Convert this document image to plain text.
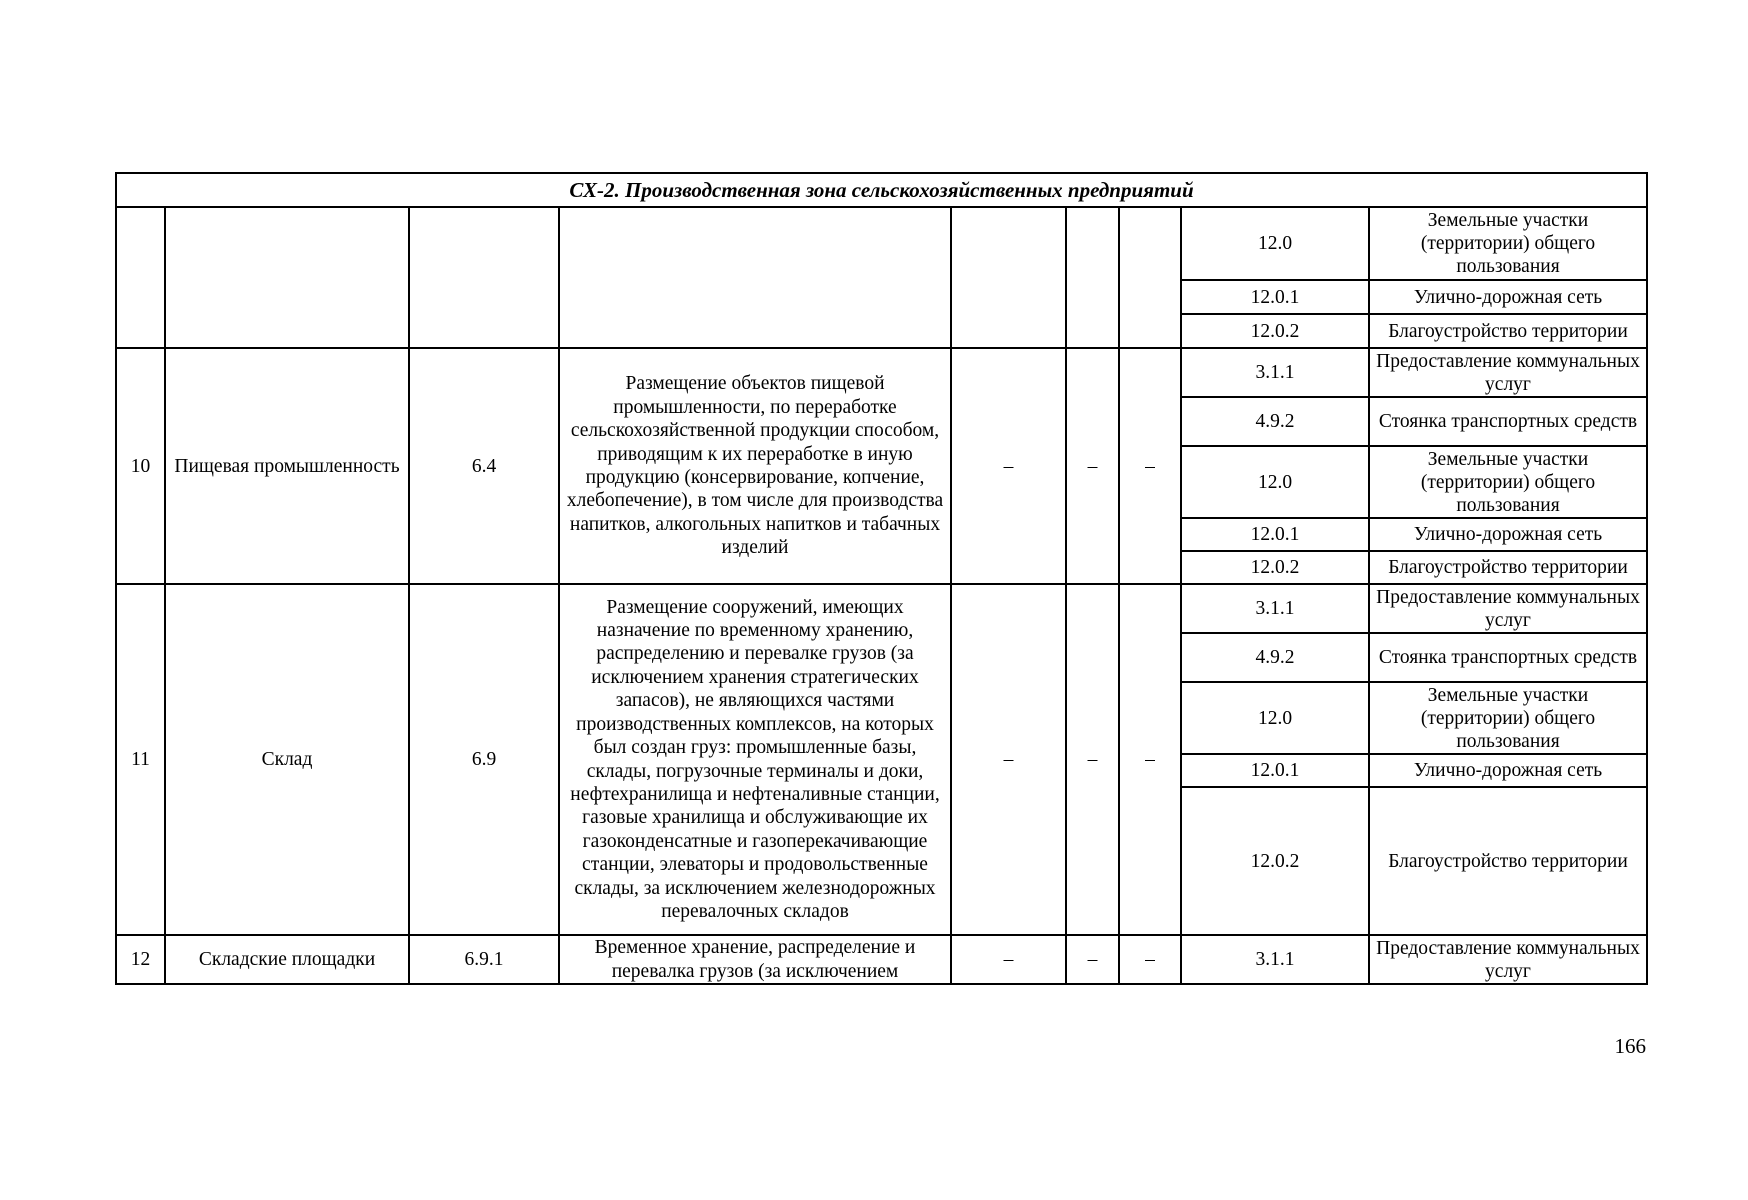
СХ-2. Производственная зона сельскохозяйственных предприятий								
							12.0	Земельные участки (территории) общего пользования
							12.0.1	Улично-дорожная сеть
							12.0.2	Благоустройство территории
10	Пищевая промышленность	6.4	Размещение объектов пищевой промышленности, по переработке сельскохозяйственной продукции способом, приводящим к их переработке в иную продукцию (консервирование, копчение, хлебопечение), в том числе для производства напитков, алкогольных напитков и табачных изделий	–	–	–	3.1.1	Предоставление коммунальных услуг
							4.9.2	Стоянка транспортных средств
							12.0	Земельные участки (территории) общего пользования
							12.0.1	Улично-дорожная сеть
							12.0.2	Благоустройство территории
11	Склад	6.9	Размещение сооружений, имеющих назначение по временному хранению, распределению и перевалке грузов (за исключением хранения стратегических запасов), не являющихся частями производственных комплексов, на которых был создан груз: промышленные базы, склады, погрузочные терминалы и доки, нефтехранилища и нефтеналивные станции, газовые хранилища и обслуживающие их газоконденсатные и газоперекачивающие станции, элеваторы и продовольственные склады, за исключением железнодорожных перевалочных складов	–	–	–	3.1.1	Предоставление коммунальных услуг
							4.9.2	Стоянка транспортных средств
							12.0	Земельные участки (территории) общего пользования
							12.0.1	Улично-дорожная сеть
							12.0.2	Благоустройство территории
12	Складские площадки	6.9.1	Временное хранение, распределение и перевалка грузов (за исключением	–	–	–	3.1.1	Предоставление коммунальных услуг
166
